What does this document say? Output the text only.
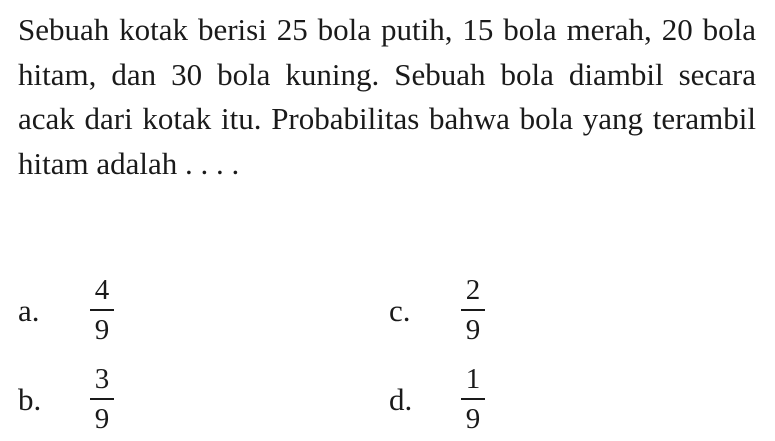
Sebuah kotak berisi 25 bola putih, 15 bola merah, 20 bola hitam, dan 30 bola kuning. Sebuah bola diambil secara acak dari kotak itu. Probabilitas bahwa bola yang terambil hitam adalah . . . .

a.	$\frac{4}{9}$	c.	$\frac{2}{9}$
b.	$\frac{3}{9}$	d.	$\frac{1}{9}$
